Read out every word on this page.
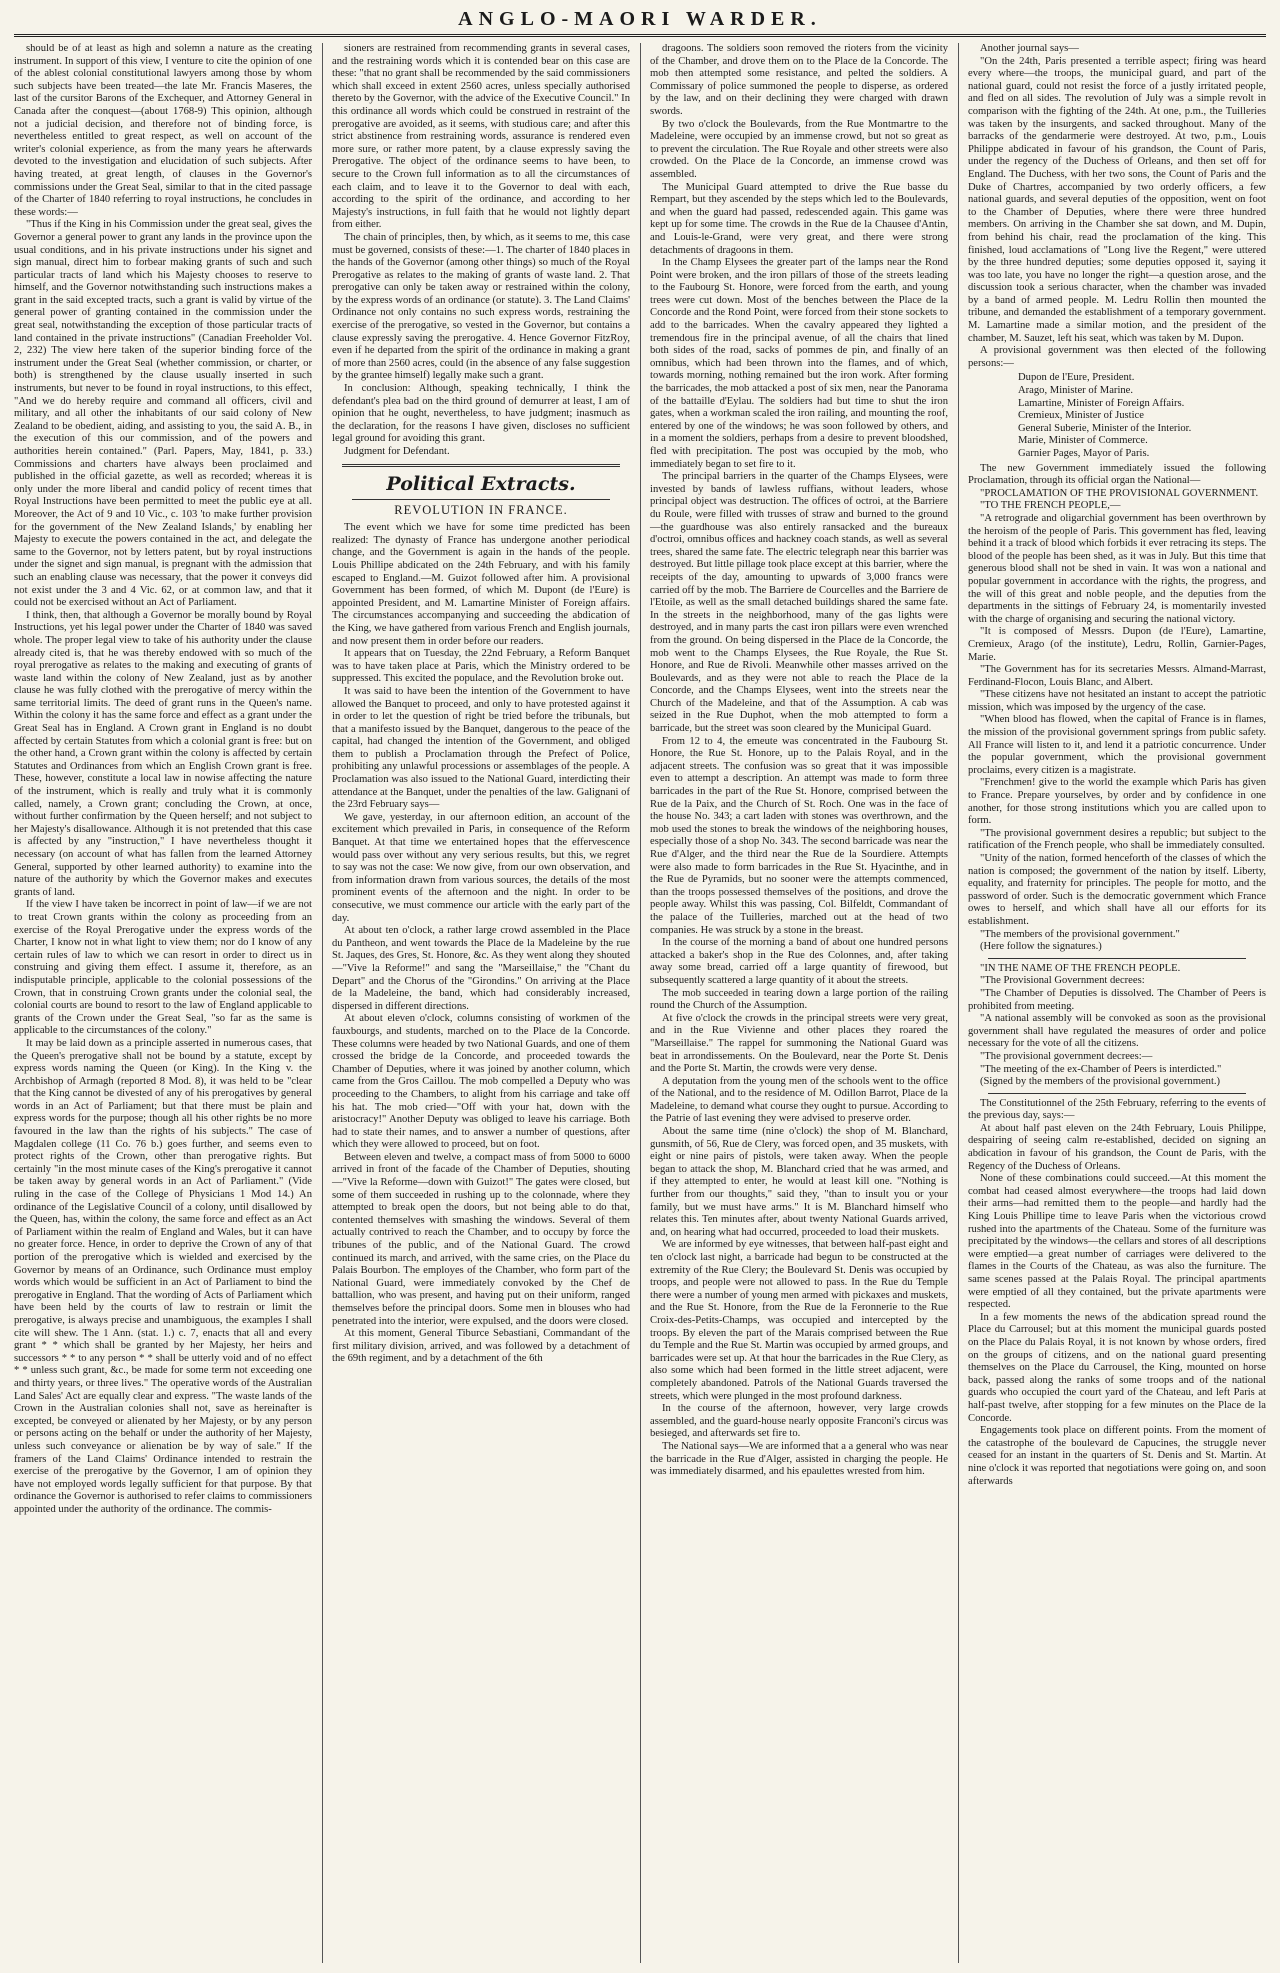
ANGLO-MAORI WARDER.

should be of at least as high and solemn a nature as the creating instrument. In support of this view, I venture to cite the opinion of one of the ablest colonial constitutional lawyers among those by whom such subjects have been treated—the late Mr. Francis Maseres, the last of the cursitor Barons of the Exchequer, and Attorney General in Canada after the conquest—(about 1768-9) This opinion, although not a judicial decision, and therefore not of binding force, is nevertheless entitled to great respect, as well on account of the writer's colonial experience, as from the many years he afterwards devoted to the investigation and elucidation of such subjects. After having treated, at great length, of clauses in the Governor's commissions under the Great Seal, similar to that in the cited passage of the Charter of 1840 referring to royal instructions, he concludes in these words:—

"Thus if the King in his Commission under the great seal, gives the Governor a general power to grant any lands in the province upon the usual conditions, and in his private instructions under his signet and sign manual, direct him to forbear making grants of such and such particular tracts of land which his Majesty chooses to reserve to himself, and the Governor notwithstanding such instructions makes a grant in the said excepted tracts, such a grant is valid by virtue of the general power of granting contained in the commission under the great seal, notwithstanding the exception of those particular tracts of land contained in the private instructions" (Canadian Freeholder Vol. 2, 232) The view here taken of the superior binding force of the instrument under the Great Seal (whether commission, or charter, or both) is strengthened by the clause usually inserted in such instruments, but never to be found in royal instructions, to this effect, "And we do hereby require and command all officers, civil and military, and all other the inhabitants of our said colony of New Zealand to be obedient, aiding, and assisting to you, the said A. B., in the execution of this our commission, and of the powers and authorities herein contained." (Parl. Papers, May, 1841, p. 33.) Commissions and charters have always been proclaimed and published in the official gazette, as well as recorded; whereas it is only under the more liberal and candid policy of recent times that Royal Instructions have been permitted to meet the public eye at all. Moreover, the Act of 9 and 10 Vic., c. 103 'to make further provision for the government of the New Zealand Islands,' by enabling her Majesty to execute the powers contained in the act, and delegate the same to the Governor, not by letters patent, but by royal instructions under the signet and sign manual, is pregnant with the admission that such an enabling clause was necessary, that the power it conveys did not exist under the 3 and 4 Vic. 62, or at common law, and that it could not be exercised without an Act of Parliament.

I think, then, that although a Governor be morally bound by Royal Instructions, yet his legal power under the Charter of 1840 was saved whole. The proper legal view to take of his authority under the clause already cited is, that he was thereby endowed with so much of the royal prerogative as relates to the making and executing of grants of waste land within the colony of New Zealand, just as by another clause he was fully clothed with the prerogative of mercy within the same territorial limits. The deed of grant runs in the Queen's name. Within the colony it has the same force and effect as a grant under the Great Seal has in England. A Crown grant in England is no doubt affected by certain Statutes from which a colonial grant is free: but on the other hand, a Crown grant within the colony is affected by certain Statutes and Ordinances from which an English Crown grant is free. These, however, constitute a local law in nowise affecting the nature of the instrument, which is really and truly what it is commonly called, namely, a Crown grant; concluding the Crown, at once, without further confirmation by the Queen herself; and not subject to her Majesty's disallowance. Although it is not pretended that this case is affected by any "instruction," I have nevertheless thought it necessary (on account of what has fallen from the learned Attorney General, supported by other learned authority) to examine into the nature of the authority by which the Governor makes and executes grants of land.

If the view I have taken be incorrect in point of law—if we are not to treat Crown grants within the colony as proceeding from an exercise of the Royal Prerogative under the express words of the Charter, I know not in what light to view them; nor do I know of any certain rules of law to which we can resort in order to direct us in construing and giving them effect. I assume it, therefore, as an indisputable principle, applicable to the colonial possessions of the Crown, that in construing Crown grants under the colonial seal, the colonial courts are bound to resort to the law of England applicable to grants of the Crown under the Great Seal, "so far as the same is applicable to the circumstances of the colony."

It may be laid down as a principle asserted in numerous cases, that the Queen's prerogative shall not be bound by a statute, except by express words naming the Queen (or King). In the King v. the Archbishop of Armagh (reported 8 Mod. 8), it was held to be "clear that the King cannot be divested of any of his prerogatives by general words in an Act of Parliament; but that there must be plain and express words for the purpose; though all his other rights be no more favoured in the law than the rights of his subjects." The case of Magdalen college (11 Co. 76 b.) goes further, and seems even to protect rights of the Crown, other than prerogative rights. But certainly "in the most minute cases of the King's prerogative it cannot be taken away by general words in an Act of Parliament." (Vide ruling in the case of the College of Physicians 1 Mod 14.) An ordinance of the Legislative Council of a colony, until disallowed by the Queen, has, within the colony, the same force and effect as an Act of Parliament within the realm of England and Wales, but it can have no greater force. Hence, in order to deprive the Crown of any of that portion of the prerogative which is wielded and exercised by the Governor by means of an Ordinance, such Ordinance must employ words which would be sufficient in an Act of Parliament to bind the prerogative in England. That the wording of Acts of Parliament which have been held by the courts of law to restrain or limit the prerogative, is always precise and unambiguous, the examples I shall cite will shew. The 1 Ann. (stat. 1.) c. 7, enacts that all and every grant * * which shall be granted by her Majesty, her heirs and successors * * to any person * * shall be utterly void and of no effect * * unless such grant, &c., be made for some term not exceeding one and thirty years, or three lives." The operative words of the Australian Land Sales' Act are equally clear and express. "The waste lands of the Crown in the Australian colonies shall not, save as hereinafter is excepted, be conveyed or alienated by her Majesty, or by any person or persons acting on the behalf or under the authority of her Majesty, unless such conveyance or alienation be by way of sale." If the framers of the Land Claims' Ordinance intended to restrain the exercise of the prerogative by the Governor, I am of opinion they have not employed words legally sufficient for that purpose. By that ordinance the Governor is authorised to refer claims to commissioners appointed under the authority of the ordinance. The commis-

sioners are restrained from recommending grants in several cases, and the restraining words which it is contended bear on this case are these: "that no grant shall be recommended by the said commissioners which shall exceed in extent 2560 acres, unless specially authorised thereto by the Governor, with the advice of the Executive Council." In this ordinance all words which could be construed in restraint of the prerogative are avoided, as it seems, with studious care; and after this strict abstinence from restraining words, assurance is rendered even more sure, or rather more patent, by a clause expressly saving the Prerogative. The object of the ordinance seems to have been, to secure to the Crown full information as to all the circumstances of each claim, and to leave it to the Governor to deal with each, according to the spirit of the ordinance, and according to her Majesty's instructions, in full faith that he would not lightly depart from either.

The chain of principles, then, by which, as it seems to me, this case must be governed, consists of these:—1. The charter of 1840 places in the hands of the Governor (among other things) so much of the Royal Prerogative as relates to the making of grants of waste land. 2. That prerogative can only be taken away or restrained within the colony, by the express words of an ordinance (or statute). 3. The Land Claims' Ordinance not only contains no such express words, restraining the exercise of the prerogative, so vested in the Governor, but contains a clause expressly saving the prerogative. 4. Hence Governor FitzRoy, even if he departed from the spirit of the ordinance in making a grant of more than 2560 acres, could (in the absence of any false suggestion by the grantee himself) legally make such a grant.

In conclusion: Although, speaking technically, I think the defendant's plea bad on the third ground of demurrer at least, I am of opinion that he ought, nevertheless, to have judgment; inasmuch as the declaration, for the reasons I have given, discloses no sufficient legal ground for avoiding this grant.

Judgment for Defendant.

Political Extracts.
REVOLUTION IN FRANCE.

The event which we have for some time predicted has been realized: The dynasty of France has undergone another periodical change, and the Government is again in the hands of the people. Louis Phillipe abdicated on the 24th February, and with his family escaped to England.—M. Guizot followed after him. A provisional Government has been formed, of which M. Dupont (de l'Eure) is appointed President, and M. Lamartine Minister of Foreign affairs. The circumstances accompanying and succeeding the abdication of the King, we have gathered from various French and English journals, and now present them in order before our readers.

It appears that on Tuesday, the 22nd February, a Reform Banquet was to have taken place at Paris, which the Ministry ordered to be suppressed. This excited the populace, and the Revolution broke out.

It was said to have been the intention of the Government to have allowed the Banquet to proceed, and only to have protested against it in order to let the question of right be tried before the tribunals, but that a manifesto issued by the Banquet, dangerous to the peace of the capital, had changed the intention of the Government, and obliged them to publish a Proclamation through the Prefect of Police, prohibiting any unlawful processions or assemblages of the people. A Proclamation was also issued to the National Guard, interdicting their attendance at the Banquet, under the penalties of the law. Galignani of the 23rd February says—

We gave, yesterday, in our afternoon edition, an account of the excitement which prevailed in Paris, in consequence of the Reform Banquet. At that time we entertained hopes that the effervescence would pass over without any very serious results, but this, we regret to say was not the case: We now give, from our own observation, and from information drawn from various sources, the details of the most prominent events of the afternoon and the night. In order to be consecutive, we must commence our article with the early part of the day.

At about ten o'clock, a rather large crowd assembled in the Place du Pantheon, and went towards the Place de la Madeleine by the rue St. Jaques, des Gres, St. Honore, &c. As they went along they shouted—"Vive la Reforme!" and sang the "Marseillaise," the "Chant du Depart" and the Chorus of the "Girondins." On arriving at the Place de la Madeleine, the band, which had considerably increased, dispersed in different directions.

At about eleven o'clock, columns consisting of workmen of the fauxbourgs, and students, marched on to the Place de la Concorde. These columns were headed by two National Guards, and one of them crossed the bridge de la Concorde, and proceeded towards the Chamber of Deputies, where it was joined by another column, which came from the Gros Caillou. The mob compelled a Deputy who was proceeding to the Chambers, to alight from his carriage and take off his hat. The mob cried—"Off with your hat, down with the aristocracy!" Another Deputy was obliged to leave his carriage. Both had to state their names, and to answer a number of questions, after which they were allowed to proceed, but on foot.

Between eleven and twelve, a compact mass of from 5000 to 6000 arrived in front of the facade of the Chamber of Deputies, shouting—"Vive la Reforme—down with Guizot!" The gates were closed, but some of them succeeded in rushing up to the colonnade, where they attempted to break open the doors, but not being able to do that, contented themselves with smashing the windows. Several of them actually contrived to reach the Chamber, and to occupy by force the tribunes of the public, and of the National Guard. The crowd continued its march, and arrived, with the same cries, on the Place du Palais Bourbon. The employes of the Chamber, who form part of the National Guard, were immediately convoked by the Chef de battallion, who was present, and having put on their uniform, ranged themselves before the principal doors. Some men in blouses who had penetrated into the interior, were expulsed, and the doors were closed.

At this moment, General Tiburce Sebastiani, Commandant of the first military division, arrived, and was followed by a detachment of the 69th regiment, and by a detachment of the 6th

dragoons. The soldiers soon removed the rioters from the vicinity of the Chamber, and drove them on to the Place de la Concorde. The mob then attempted some resistance, and pelted the soldiers. A Commissary of police summoned the people to disperse, as ordered by the law, and on their declining they were charged with drawn swords.

By two o'clock the Boulevards, from the Rue Montmartre to the Madeleine, were occupied by an immense crowd, but not so great as to prevent the circulation. The Rue Royale and other streets were also crowded. On the Place de la Concorde, an immense crowd was assembled.

The Municipal Guard attempted to drive the Rue basse du Rempart, but they ascended by the steps which led to the Boulevards, and when the guard had passed, redescended again. This game was kept up for some time. The crowds in the Rue de la Chausee d'Antin, and Louis-le-Grand, were very great, and there were strong detachments of dragoons in them.

In the Champ Elysees the greater part of the lamps near the Rond Point were broken, and the iron pillars of those of the streets leading to the Faubourg St. Honore, were forced from the earth, and young trees were cut down. Most of the benches between the Place de la Concorde and the Rond Point, were forced from their stone sockets to add to the barricades. When the cavalry appeared they lighted a tremendous fire in the principal avenue, of all the chairs that lined both sides of the road, sacks of pommes de pin, and finally of an omnibus, which had been thrown into the flames, and of which, towards morning, nothing remained but the iron work. After forming the barricades, the mob attacked a post of six men, near the Panorama of the battaille d'Eylau. The soldiers had but time to shut the iron gates, when a workman scaled the iron railing, and mounting the roof, entered by one of the windows; he was soon followed by others, and in a moment the soldiers, perhaps from a desire to prevent bloodshed, fled with precipitation. The post was occupied by the mob, who immediately began to set fire to it.

The principal barriers in the quarter of the Champs Elysees, were invested by bands of lawless ruffians, without leaders, whose principal object was destruction. The offices of octroi, at the Barriere du Roule, were filled with trusses of straw and burned to the ground—the guardhouse was also entirely ransacked and the bureaux d'octroi, omnibus offices and hackney coach stands, as well as several trees, shared the same fate. The electric telegraph near this barrier was destroyed. But little pillage took place except at this barrier, where the receipts of the day, amounting to upwards of 3,000 francs were carried off by the mob. The Barriere de Courcelles and the Barriere de l'Etoile, as well as the small detached buildings shared the same fate. In the streets in the neighborhood, many of the gas lights were destroyed, and in many parts the cast iron pillars were even wrenched from the ground. On being dispersed in the Place de la Concorde, the mob went to the Champs Elysees, the Rue Royale, the Rue St. Honore, and Rue de Rivoli. Meanwhile other masses arrived on the Boulevards, and as they were not able to reach the Place de la Concorde, and the Champs Elysees, went into the streets near the Church of the Madeleine, and that of the Assumption. A cab was seized in the Rue Duphot, when the mob attempted to form a barricade, but the street was soon cleared by the Municipal Guard.

From 12 to 4, the emeute was concentrated in the Faubourg St. Honore, the Rue St. Honore, up to the Palais Royal, and in the adjacent streets. The confusion was so great that it was impossible even to attempt a description. An attempt was made to form three barricades in the part of the Rue St. Honore, comprised between the Rue de la Paix, and the Church of St. Roch. One was in the face of the house No. 343; a cart laden with stones was overthrown, and the mob used the stones to break the windows of the neighboring houses, especially those of a shop No. 343. The second barricade was near the Rue d'Alger, and the third near the Rue de la Sourdiere. Attempts were also made to form barricades in the Rue St. Hyacinthe, and in the Rue de Pyramids, but no sooner were the attempts commenced, than the troops possessed themselves of the positions, and drove the people away. Whilst this was passing, Col. Bilfeldt, Commandant of the palace of the Tuilleries, marched out at the head of two companies. He was struck by a stone in the breast.

In the course of the morning a band of about one hundred persons attacked a baker's shop in the Rue des Colonnes, and, after taking away some bread, carried off a large quantity of firewood, but subsequently scattered a large quantity of it about the streets.

The mob succeeded in tearing down a large portion of the railing round the Church of the Assumption.

At five o'clock the crowds in the principal streets were very great, and in the Rue Vivienne and other places they roared the "Marseillaise." The rappel for summoning the National Guard was beat in arrondissements. On the Boulevard, near the Porte St. Denis and the Porte St. Martin, the crowds were very dense.

A deputation from the young men of the schools went to the office of the National, and to the residence of M. Odillon Barrot, Place de la Madeleine, to demand what course they ought to pursue. According to the Patrie of last evening they were advised to preserve order.

About the same time (nine o'clock) the shop of M. Blanchard, gunsmith, of 56, Rue de Clery, was forced open, and 35 muskets, with eight or nine pairs of pistols, were taken away. When the people began to attack the shop, M. Blanchard cried that he was armed, and if they attempted to enter, he would at least kill one. "Nothing is further from our thoughts," said they, "than to insult you or your family, but we must have arms." It is M. Blanchard himself who relates this. Ten minutes after, about twenty National Guards arrived, and, on hearing what had occurred, proceeded to load their muskets.

We are informed by eye witnesses, that between half-past eight and ten o'clock last night, a barricade had begun to be constructed at the extremity of the Rue Clery; the Boulevard St. Denis was occupied by troops, and people were not allowed to pass. In the Rue du Temple there were a number of young men armed with pickaxes and muskets, and the Rue St. Honore, from the Rue de la Feronnerie to the Rue Croix-des-Petits-Champs, was occupied and intercepted by the troops. By eleven the part of the Marais comprised between the Rue du Temple and the Rue St. Martin was occupied by armed groups, and barricades were set up. At that hour the barricades in the Rue Clery, as also some which had been formed in the little street adjacent, were completely abandoned. Patrols of the National Guards traversed the streets, which were plunged in the most profound darkness.

In the course of the afternoon, however, very large crowds assembled, and the guard-house nearly opposite Franconi's circus was besieged, and afterwards set fire to.

The National says—We are informed that a a general who was near the barricade in the Rue d'Alger, assisted in charging the people. He was immediately disarmed, and his epaulettes wrested from him.

Another journal says—

"On the 24th, Paris presented a terrible aspect; firing was heard every where—the troops, the municipal guard, and part of the national guard, could not resist the force of a justly irritated people, and fled on all sides. The revolution of July was a simple revolt in comparison with the fighting of the 24th. At one, p.m., the Tuilleries was taken by the insurgents, and sacked throughout. Many of the barracks of the gendarmerie were destroyed. At two, p.m., Louis Philippe abdicated in favour of his grandson, the Count of Paris, under the regency of the Duchess of Orleans, and then set off for England. The Duchess, with her two sons, the Count of Paris and the Duke of Chartres, accompanied by two orderly officers, a few national guards, and several deputies of the opposition, went on foot to the Chamber of Deputies, where there were three hundred members. On arriving in the Chamber she sat down, and M. Dupin, from behind his chair, read the proclamation of the king. This finished, loud acclamations of "Long live the Regent," were uttered by the three hundred deputies; some deputies opposed it, saying it was too late, you have no longer the right—a question arose, and the discussion took a serious character, when the chamber was invaded by a band of armed people. M. Ledru Rollin then mounted the tribune, and demanded the establishment of a temporary government. M. Lamartine made a similar motion, and the president of the chamber, M. Sauzet, left his seat, which was taken by M. Dupon.

A provisional government was then elected of the following persons:—

Dupon de l'Eure, President.
Arago, Minister of Marine.
Lamartine, Minister of Foreign Affairs.
Cremieux, Minister of Justice
General Suberie, Minister of the Interior.
Marie, Minister of Commerce.
Garnier Pages, Mayor of Paris.

The new Government immediately issued the following Proclamation, through its official organ the National—

"PROCLAMATION OF THE PROVISIONAL GOVERNMENT.

"TO THE FRENCH PEOPLE,—

"A retrograde and oligarchial government has been overthrown by the heroism of the people of Paris. This government has fled, leaving behind it a track of blood which forbids it ever retracing its steps. The blood of the people has been shed, as it was in July. But this time that generous blood shall not be shed in vain. It was won a national and popular government in accordance with the rights, the progress, and the will of this great and noble people, and the deputies from the departments in the sittings of February 24, is momentarily invested with the charge of organising and securing the national victory.

"It is composed of Messrs. Dupon (de l'Eure), Lamartine, Cremieux, Arago (of the institute), Ledru, Rollin, Garnier-Pages, Marie.

"The Government has for its secretaries Messrs. Almand-Marrast, Ferdinand-Flocon, Louis Blanc, and Albert.

"These citizens have not hesitated an instant to accept the patriotic mission, which was imposed by the urgency of the case.

"When blood has flowed, when the capital of France is in flames, the mission of the provisional government springs from public safety. All France will listen to it, and lend it a patriotic concurrence. Under the popular government, which the provisional government proclaims, every citizen is a magistrate.

"Frenchmen! give to the world the example which Paris has given to France. Prepare yourselves, by order and by confidence in one another, for those strong institutions which you are called upon to form.

"The provisional government desires a republic; but subject to the ratification of the French people, who shall be immediately consulted.

"Unity of the nation, formed henceforth of the classes of which the nation is composed; the government of the nation by itself. Liberty, equality, and fraternity for principles. The people for motto, and the password of order. Such is the democratic government which France owes to herself, and which shall have all our efforts for its establishment.

"The members of the provisional government."

(Here follow the signatures.)

"IN THE NAME OF THE FRENCH PEOPLE.

"The Provisional Government decrees:

"The Chamber of Deputies is dissolved. The Chamber of Peers is prohibited from meeting.

"A national assembly will be convoked as soon as the provisional government shall have regulated the measures of order and police necessary for the vote of all the citizens.

"The provisional government decrees:—

"The meeting of the ex-Chamber of Peers is interdicted."

(Signed by the members of the provisional government.)

The Constitutionnel of the 25th February, referring to the events of the previous day, says:—

At about half past eleven on the 24th February, Louis Philippe, despairing of seeing calm re-established, decided on signing an abdication in favour of his grandson, the Count de Paris, with the Regency of the Duchess of Orleans.

None of these combinations could succeed.—At this moment the combat had ceased almost everywhere—the troops had laid down their arms—had remitted them to the people—and hardly had the King Louis Phillipe time to leave Paris when the victorious crowd rushed into the apartments of the Chateau. Some of the furniture was precipitated by the windows—the cellars and stores of all descriptions were emptied—a great number of carriages were delivered to the flames in the Courts of the Chateau, as was also the furniture. The same scenes passed at the Palais Royal. The principal apartments were emptied of all they contained, but the private apartments were respected.

In a few moments the news of the abdication spread round the Place du Carrousel; but at this moment the municipal guards posted on the Place du Palais Royal, it is not known by whose orders, fired on the groups of citizens, and on the national guard presenting themselves on the Place du Carrousel, the King, mounted on horse back, passed along the ranks of some troops and of the national guards who occupied the court yard of the Chateau, and left Paris at half-past twelve, after stopping for a few minutes on the Place de la Concorde.

Engagements took place on different points. From the moment of the catastrophe of the boulevard de Capucines, the struggle never ceased for an instant in the quarters of St. Denis and St. Martin. At nine o'clock it was reported that negotiations were going on, and soon afterwards
